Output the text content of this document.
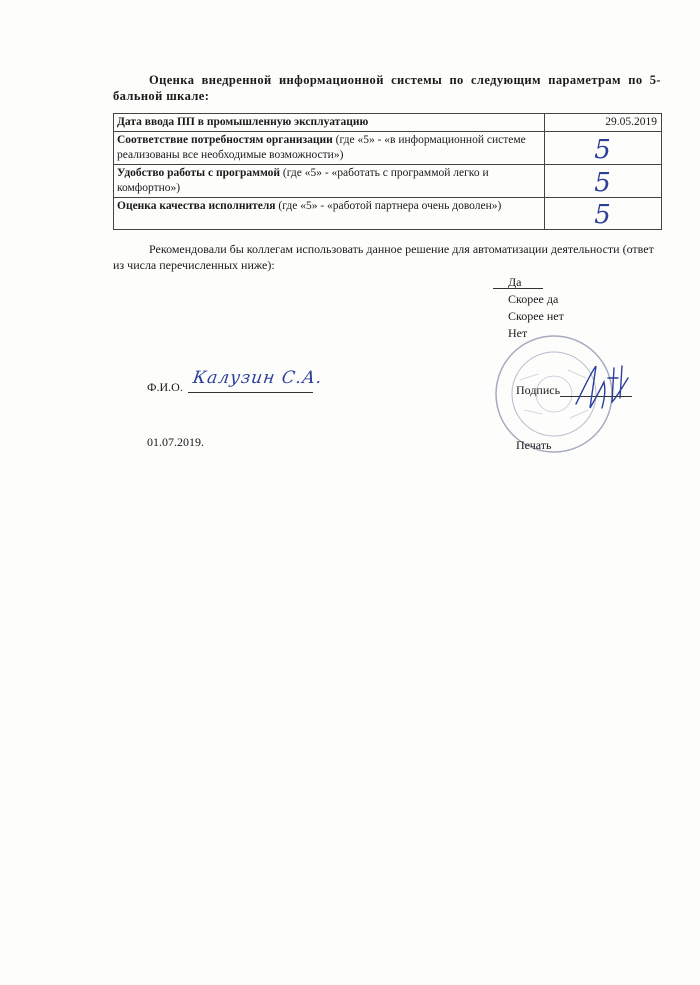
Оценка внедренной информационной системы по следующим параметрам по 5-бальной шкале:
Дата ввода ПП в промышленную эксплуатацию	29.05.2019
Соответствие потребностям организации (где «5» - «в информационной системе реализованы все необходимые возможности»)	5

Удобство работы с программой (где «5» - «работать с программой легко и комфортно»)	5

Оценка качества исполнителя (где «5» - «работой партнера очень доволен»)	5
Рекомендовали бы коллегам использовать данное решение для автоматизации деятельности (ответ из числа перечисленных ниже):
Да
Скорее да
Скорее нет
Нет
Ф.И.О. Калузин С.А.
Подпись
01.07.2019.	Печать
